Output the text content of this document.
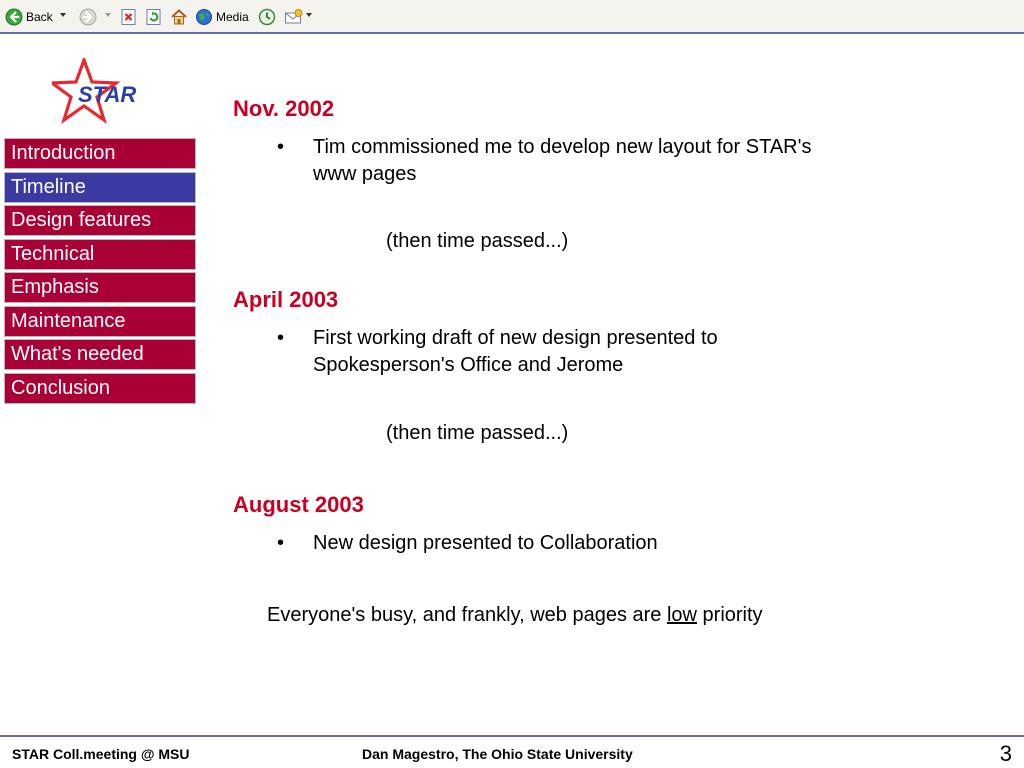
Back	Media
STAR
Introduction
Timeline
Design features
Technical
Emphasis
Maintenance
What's needed
Conclusion
Nov. 2002
• Tim commissioned me to develop new layout for STAR's www pages
(then time passed...)
April 2003
• First working draft of new design presented to Spokesperson's Office and Jerome
(then time passed...)
August 2003
• New design presented to Collaboration
Everyone's busy, and frankly, web pages are low priority
STAR Coll.meeting @ MSU	Dan Magestro, The Ohio State University	3
